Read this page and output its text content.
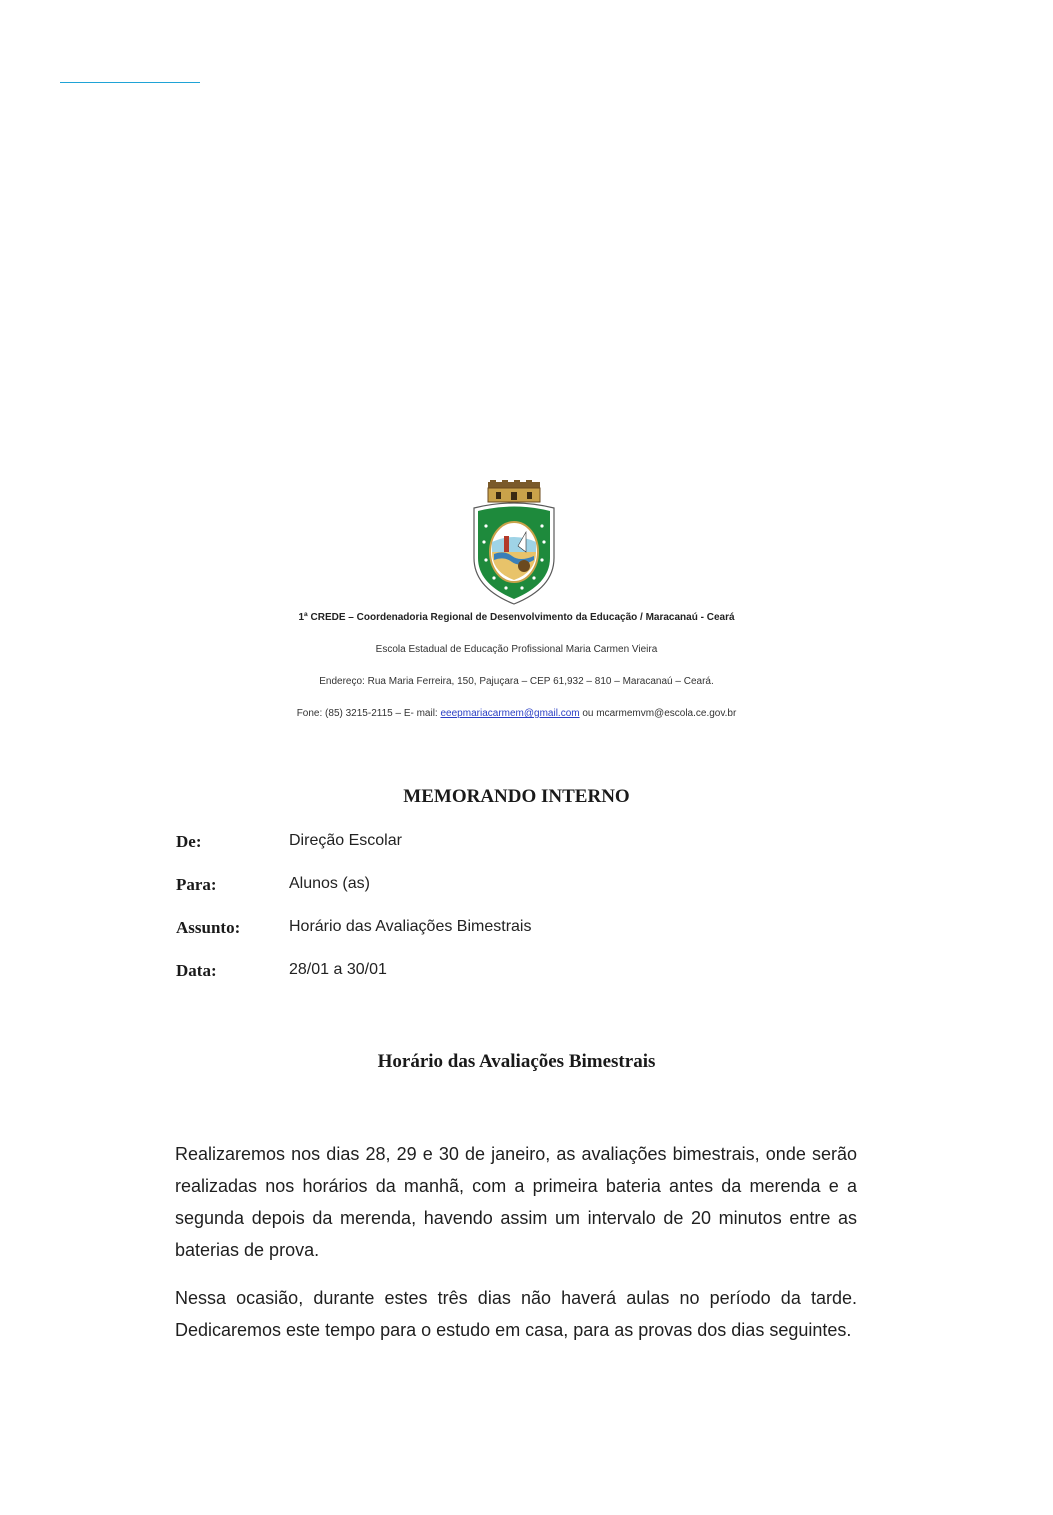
1ª CREDE – Coordenadoria Regional de Desenvolvimento da Educação / Maracanaú - Ceará
Escola Estadual de Educação Profissional Maria Carmen Vieira
Endereço: Rua Maria Ferreira, 150, Pajuçara – CEP 61,932 – 810 – Maracanaú – Ceará.
Fone: (85) 3215-2115 – E- mail: eeepmariacarmem@gmail.com ou mcarmemvm@escola.ce.gov.br
MEMORANDO INTERNO
De:	Direção Escolar
Para:	Alunos (as)
Assunto:	Horário das Avaliações Bimestrais
Data:	28/01 a 30/01
Horário das Avaliações Bimestrais

Realizaremos nos dias 28, 29 e 30 de janeiro, as avaliações bimestrais, onde serão realizadas nos horários da manhã, com a primeira bateria antes da merenda e a segunda depois da merenda, havendo assim um intervalo de 20 minutos entre as baterias de prova.

Nessa ocasião, durante estes três dias não haverá aulas no período da tarde. Dedicaremos este tempo para o estudo em casa, para as provas dos dias seguintes.
